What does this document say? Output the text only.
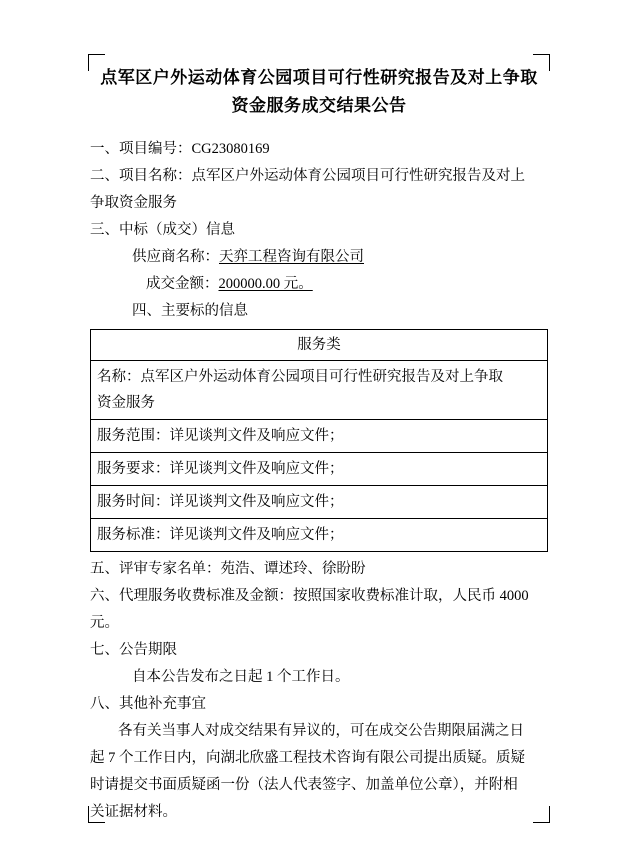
点军区户外运动体育公园项目可行性研究报告及对上争取
资金服务成交结果公告

一、项目编号：CG23080169

二、项目名称：点军区户外运动体育公园项目可行性研究报告及对上

争取资金服务

三、中标（成交）信息

供应商名称：天弈工程咨询有限公司

成交金额：200000.00 元。

四、主要标的信息

服务类

名称：点军区户外运动体育公园项目可行性研究报告及对上争取
资金服务

服务范围：详见谈判文件及响应文件；
服务要求：详见谈判文件及响应文件；
服务时间：详见谈判文件及响应文件；
服务标准：详见谈判文件及响应文件；

五、评审专家名单：苑浩、谭述玲、徐盼盼

六、代理服务收费标准及金额：按照国家收费标准计取，人民币 4000

元。

七、公告期限

自本公告发布之日起 1 个工作日。

八、其他补充事宜

各有关当事人对成交结果有异议的，可在成交公告期限届满之日

起 7 个工作日内，向湖北欣盛工程技术咨询有限公司提出质疑。质疑

时请提交书面质疑函一份（法人代表签字、加盖单位公章），并附相

关证据材料。
